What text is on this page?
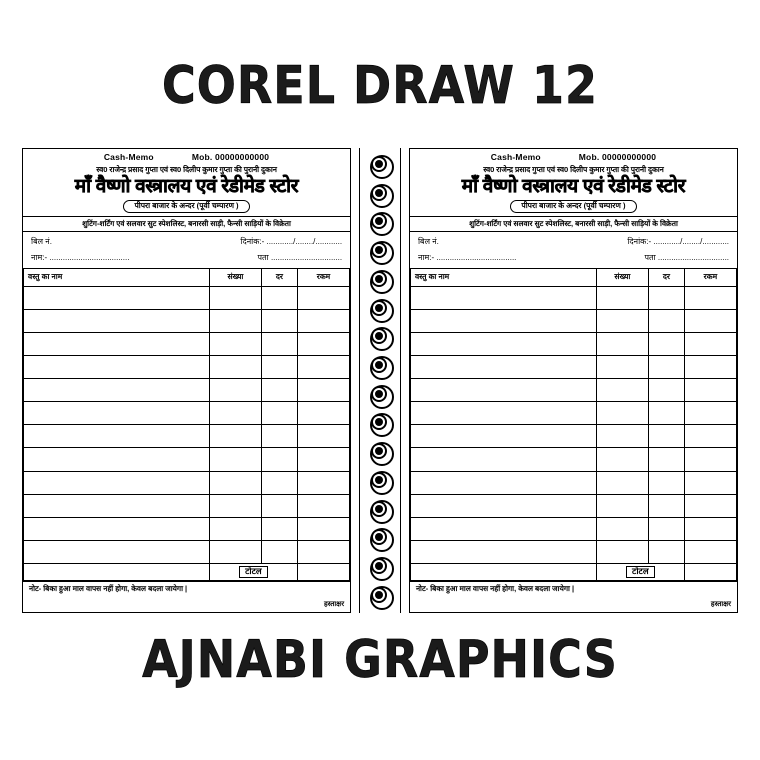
COREL DRAW 12
Cash-Memo	Mob. 00000000000
स्व0 राजेन्द्र प्रसाद गुप्ता एवं स्व0 दिलीप कुमार गुप्ता की पुरानी दुकान
माँ वैष्णो वस्त्रालय एवं रेडीमेड स्टोर
पीपरा बाजार के अन्दर (पूर्वी चम्पारण )
शुटिंग-शर्टिंग एवं सलवार सुट स्पेशलिस्ट, बनारसी साड़ी, फैन्सी साड़ियों के विक्रेता
बिल नं.	दिनांक:- ............/......../............
नाम:- ....................................	पता ................................
वस्तु का नाम	संख्या	दर	रकम

	टोटल		
नोट- बिका हुआ माल वापस नहीं होगा, केवल बदला जायेगा |
हस्ताक्षर
Cash-Memo	Mob. 00000000000
स्व0 राजेन्द्र प्रसाद गुप्ता एवं स्व0 दिलीप कुमार गुप्ता की पुरानी दुकान
माँ वैष्णो वस्त्रालय एवं रेडीमेड स्टोर
पीपरा बाजार के अन्दर (पूर्वी चम्पारण )
शुटिंग-शर्टिंग एवं सलवार सुट स्पेशलिस्ट, बनारसी साड़ी, फैन्सी साड़ियों के विक्रेता
बिल नं.	दिनांक:- ............/......../............
नाम:- ....................................	पता ................................
वस्तु का नाम	संख्या	दर	रकम

	टोटल		
नोट- बिका हुआ माल वापस नहीं होगा, केवल बदला जायेगा |
हस्ताक्षर
AJNABI GRAPHICS
